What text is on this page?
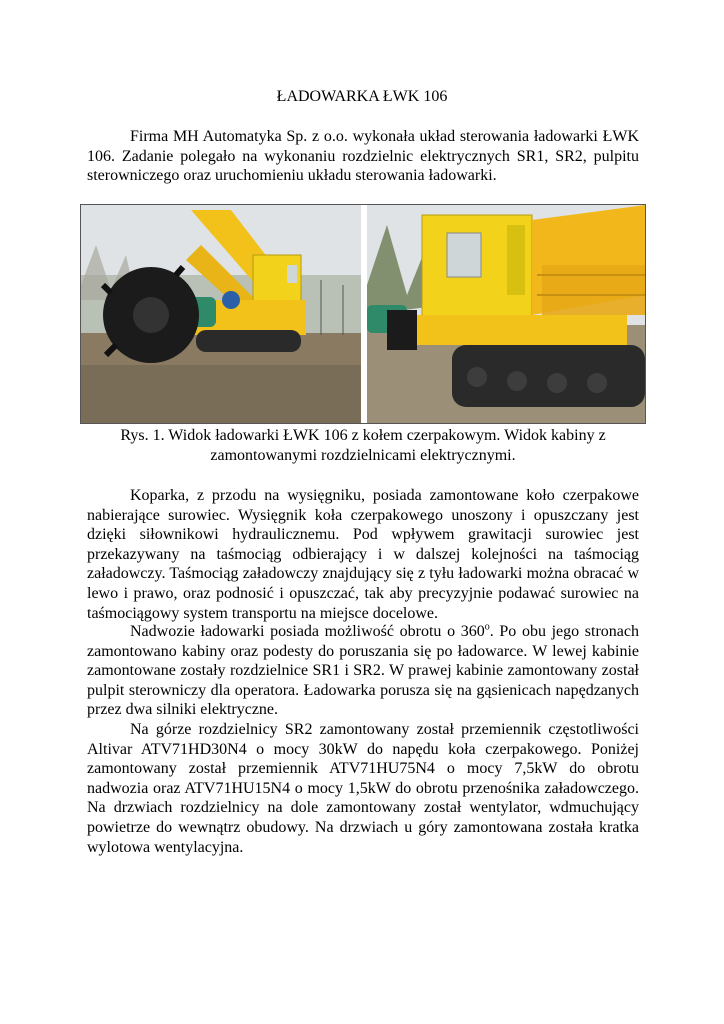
ŁADOWARKA ŁWK 106

Firma MH Automatyka Sp. z o.o. wykonała układ sterowania ładowarki ŁWK 106. Zadanie polegało na wykonaniu rozdzielnic elektrycznych SR1, SR2, pulpitu sterowniczego oraz uruchomieniu układu sterowania ładowarki.

Rys. 1. Widok ładowarki ŁWK 106 z kołem czerpakowym. Widok kabiny z zamontowanymi rozdzielnicami elektrycznymi.

Koparka, z przodu na wysięgniku, posiada zamontowane koło czerpakowe nabierające surowiec. Wysięgnik koła czerpakowego unoszony i opuszczany jest dzięki siłownikowi hydraulicznemu. Pod wpływem grawitacji surowiec jest przekazywany na taśmociąg odbierający i w dalszej kolejności na taśmociąg załadowczy. Taśmociąg załadowczy znajdujący się z tyłu ładowarki można obracać w lewo i prawo, oraz podnosić i opuszczać, tak aby precyzyjnie podawać surowiec na taśmociągowy system transportu na miejsce docelowe.

Nadwozie ładowarki posiada możliwość obrotu o 360$^o$. Po obu jego stronach zamontowano kabiny oraz podesty do poruszania się po ładowarce. W lewej kabinie zamontowane zostały rozdzielnice SR1 i SR2. W prawej kabinie zamontowany został pulpit sterowniczy dla operatora. Ładowarka porusza się na gąsienicach napędzanych przez dwa silniki elektryczne.

Na górze rozdzielnicy SR2 zamontowany został przemiennik częstotliwości Altivar ATV71HD30N4 o mocy 30kW do napędu koła czerpakowego. Poniżej zamontowany został przemiennik ATV71HU75N4 o mocy 7,5kW do obrotu nadwozia oraz ATV71HU15N4 o mocy 1,5kW do obrotu przenośnika załadowczego. Na drzwiach rozdzielnicy na dole zamontowany został wentylator, wdmuchujący powietrze do wewnątrz obudowy. Na drzwiach u góry zamontowana została kratka wylotowa wentylacyjna.
